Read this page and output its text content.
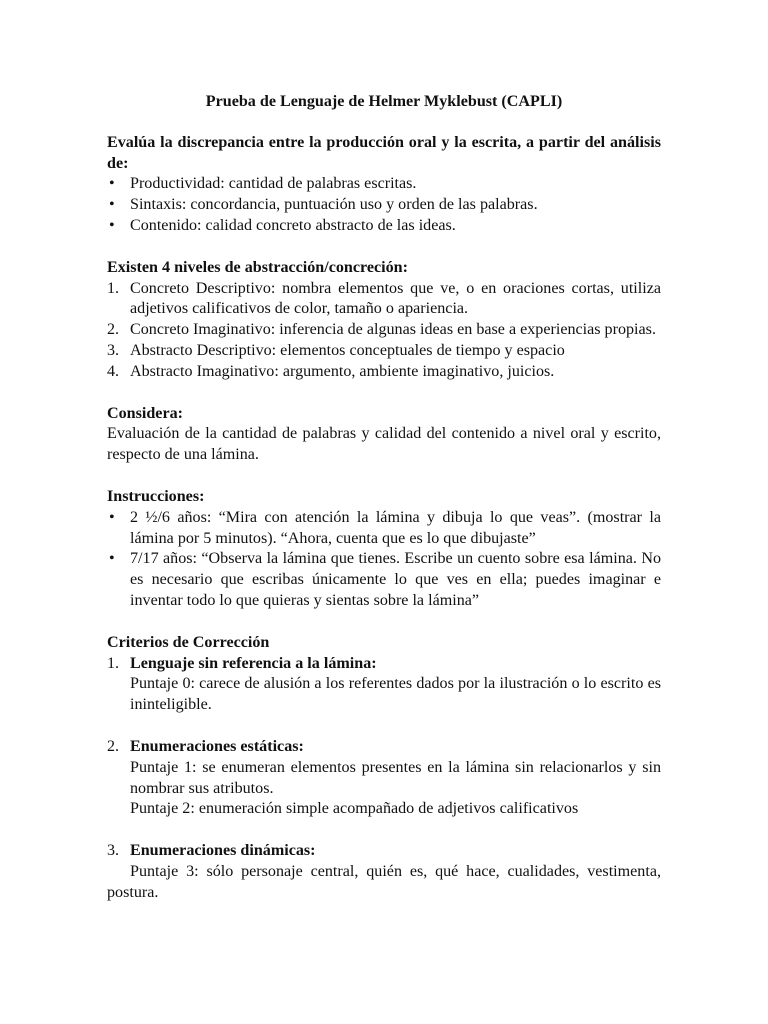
Prueba de Lenguaje de Helmer Myklebust (CAPLI)

Evalúa la discrepancia entre la producción oral y la escrita, a partir del análisis de:

• Productividad: cantidad de palabras escritas.
• Sintaxis: concordancia, puntuación uso y orden de las palabras.
• Contenido: calidad concreto abstracto de las ideas.

Existen 4 niveles de abstracción/concreción:

1. Concreto Descriptivo: nombra elementos que ve, o en oraciones cortas, utiliza adjetivos calificativos de color, tamaño o apariencia.
2. Concreto Imaginativo: inferencia de algunas ideas en base a experiencias propias.
3. Abstracto Descriptivo: elementos conceptuales de tiempo y espacio
4. Abstracto Imaginativo: argumento, ambiente imaginativo, juicios.

Considera:

Evaluación de la cantidad de palabras y calidad del contenido a nivel oral y escrito, respecto de una lámina.

Instrucciones:

• 2 ½/6 años: “Mira con atención la lámina y dibuja lo que veas”. (mostrar la lámina por 5 minutos). “Ahora, cuenta que es lo que dibujaste”
• 7/17 años: “Observa la lámina que tienes. Escribe un cuento sobre esa lámina. No es necesario que escribas únicamente lo que ves en ella; puedes imaginar e inventar todo lo que quieras y sientas sobre la lámina”

Criterios de Corrección

1. Lenguaje sin referencia a la lámina:

Puntaje 0: carece de alusión a los referentes dados por la ilustración o lo escrito es ininteligible.

2. Enumeraciones estáticas:

Puntaje 1: se enumeran elementos presentes en la lámina sin relacionarlos y sin nombrar sus atributos.

Puntaje 2: enumeración simple acompañado de adjetivos calificativos

3. Enumeraciones dinámicas:

Puntaje 3: sólo personaje central, quién es, qué hace, cualidades, vestimenta, postura.
